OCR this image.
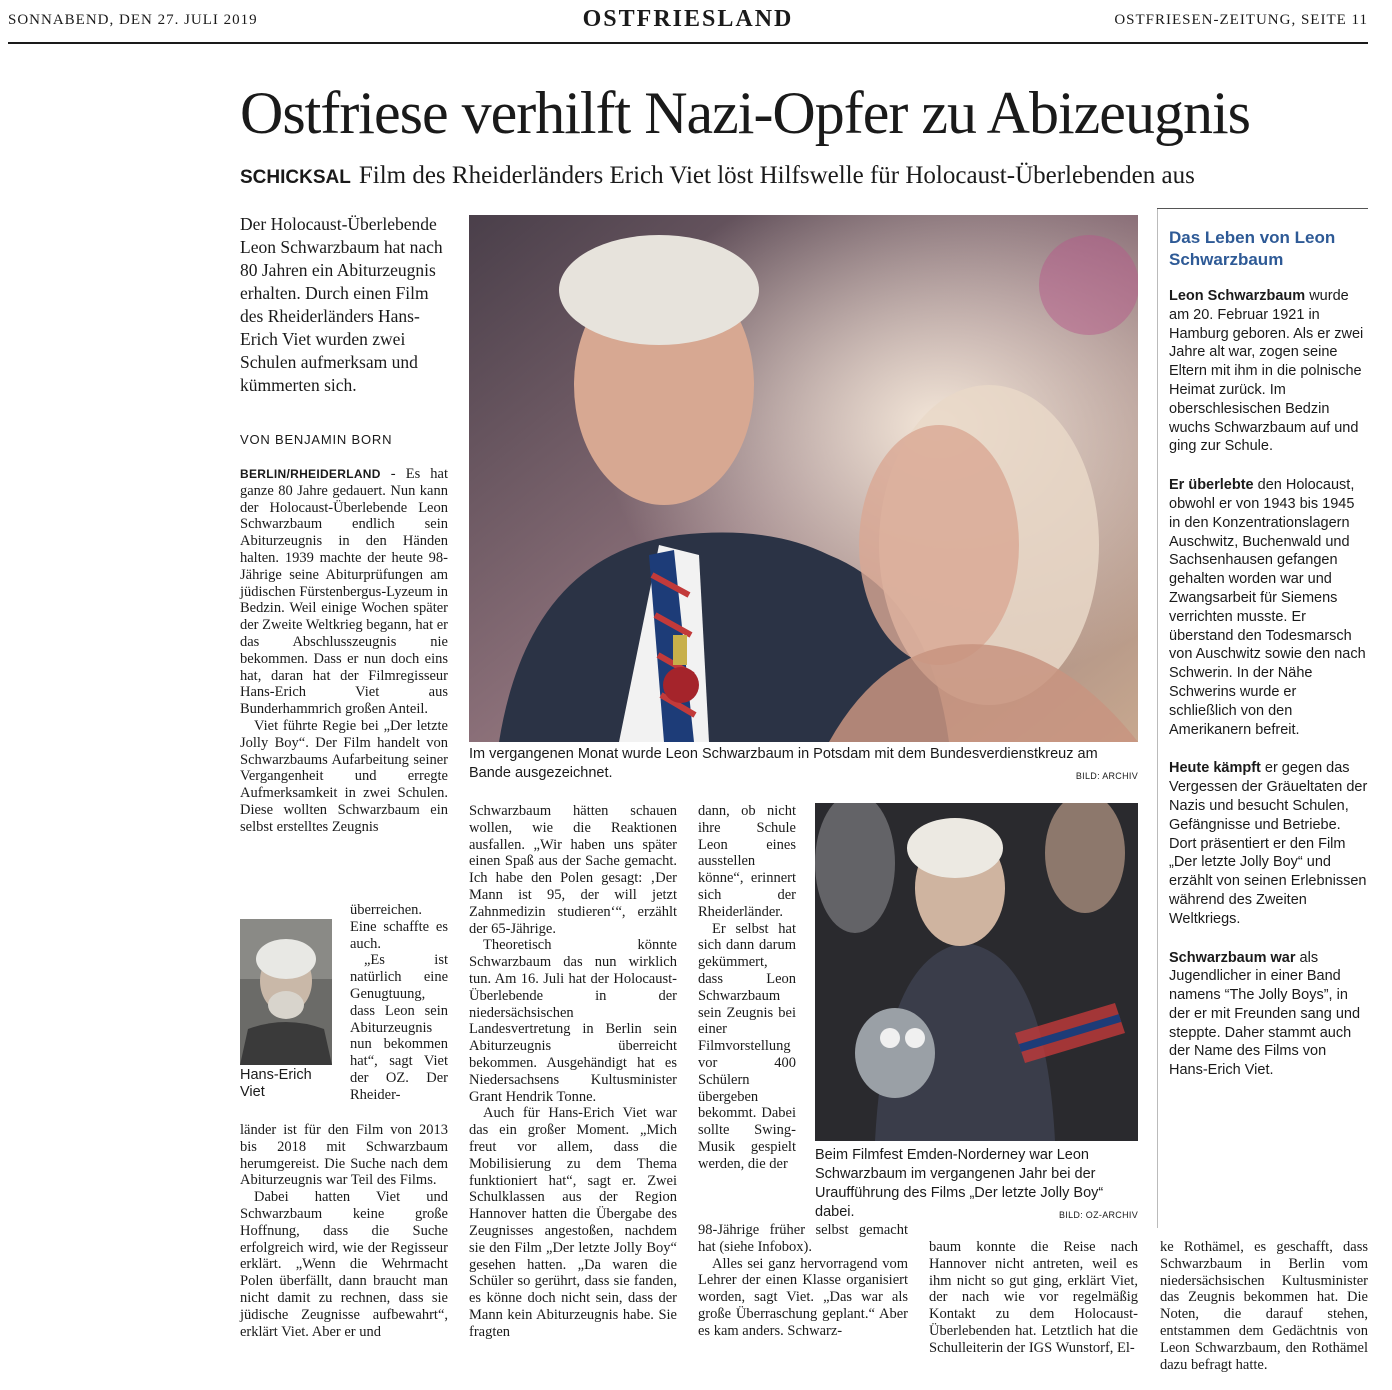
SONNABEND, DEN 27. JULI 2019	OSTFRIESLAND	OSTFRIESEN-ZEITUNG, SEITE 11
Ostfriese verhilft Nazi-Opfer zu Abizeugnis
SCHICKSAL Film des Rheiderländers Erich Viet löst Hilfswelle für Holocaust-Überlebenden aus
Der Holocaust-Überlebende Leon Schwarzbaum hat nach 80 Jahren ein Abiturzeugnis erhalten. Durch einen Film des Rheiderländers Hans-Erich Viet wurden zwei Schulen aufmerksam und kümmerten sich.
VON BENJAMIN BORN

BERLIN/RHEIDERLAND - Es hat ganze 80 Jahre gedauert. Nun kann der Holocaust-Überlebende Leon Schwarzbaum endlich sein Abiturzeugnis in den Händen halten. 1939 machte der heute 98-Jährige seine Abiturprüfungen am jüdischen Fürstenbergus-Lyzeum in Bedzin. Weil einige Wochen später der Zweite Weltkrieg begann, hat er das Abschlusszeugnis nie bekommen. Dass er nun doch eins hat, daran hat der Filmregisseur Hans-Erich Viet aus Bunderhammrich großen Anteil.

Viet führte Regie bei „Der letzte Jolly Boy“. Der Film handelt von Schwarzbaums Aufarbeitung seiner Vergangenheit und erregte Aufmerksamkeit in zwei Schulen. Diese wollten Schwarzbaum ein selbst erstelltes Zeugnis

überreichen. Eine schaffte es auch.

„Es ist natürlich eine Genugtuung, dass Leon sein Abiturzeugnis nun bekommen hat“, sagt Viet der OZ. Der Rheider-

länder ist für den Film von 2013 bis 2018 mit Schwarzbaum herumgereist. Die Suche nach dem Abiturzeugnis war Teil des Films.

Dabei hatten Viet und Schwarzbaum keine große Hoffnung, dass die Suche erfolgreich wird, wie der Regisseur erklärt. „Wenn die Wehrmacht Polen überfällt, dann braucht man nicht damit zu rechnen, dass sie jüdische Zeugnisse aufbewahrt“, erklärt Viet. Aber er und

Hans-Erich Viet
Im vergangenen Monat wurde Leon Schwarzbaum in Potsdam mit dem Bundesverdienstkreuz am Bande ausgezeichnet.	BILD: ARCHIV

Schwarzbaum hätten schauen wollen, wie die Reaktionen ausfallen. „Wir haben uns später einen Spaß aus der Sache gemacht. Ich habe den Polen gesagt: ‚Der Mann ist 95, der will jetzt Zahnmedizin studieren‘“, erzählt der 65-Jährige.

Theoretisch könnte Schwarzbaum das nun wirklich tun. Am 16. Juli hat der Holocaust-Überlebende in der niedersächsischen Landesvertretung in Berlin sein Abiturzeugnis überreicht bekommen. Ausgehändigt hat es Niedersachsens Kultusminister Grant Hendrik Tonne.

Auch für Hans-Erich Viet war das ein großer Moment. „Mich freut vor allem, dass die Mobilisierung zu dem Thema funktioniert hat“, sagt er. Zwei Schulklassen aus der Region Hannover hatten die Übergabe des Zeugnisses angestoßen, nachdem sie den Film „Der letzte Jolly Boy“ gesehen hatten. „Da waren die Schüler so gerührt, dass sie fanden, es könne doch nicht sein, dass der Mann kein Abiturzeugnis habe. Sie fragten

dann, ob nicht ihre Schule Leon eines ausstellen könne“, erinnert sich der Rheiderländer.

Er selbst hat sich dann darum gekümmert, dass Leon Schwarzbaum sein Zeugnis bei einer Filmvorstellung vor 400 Schülern übergeben bekommt. Dabei sollte Swing-Musik gespielt werden, die der

98-Jährige früher selbst gemacht hat (siehe Infobox).

Alles sei ganz hervorragend vom Lehrer der einen Klasse organisiert worden, sagt Viet. „Das war als große Überraschung geplant.“ Aber es kam anders. Schwarz-

Beim Filmfest Emden-Norderney war Leon Schwarzbaum im vergangenen Jahr bei der Uraufführung des Films „Der letzte Jolly Boy“ dabei.	BILD: OZ-ARCHIV

baum konnte die Reise nach Hannover nicht antreten, weil es ihm nicht so gut ging, erklärt Viet, der nach wie vor regelmäßig Kontakt zu dem Holocaust-Überlebenden hat. Letztlich hat die Schulleiterin der IGS Wunstorf, El-

ke Rothämel, es geschafft, dass Schwarzbaum in Berlin vom niedersächsischen Kultusminister das Zeugnis bekommen hat. Die Noten, die darauf stehen, entstammen dem Gedächtnis von Leon Schwarzbaum, den Rothämel dazu befragt hatte.

Das Leben von Leon Schwarzbaum

Leon Schwarzbaum wurde am 20. Februar 1921 in Hamburg geboren. Als er zwei Jahre alt war, zogen seine Eltern mit ihm in die polnische Heimat zurück. Im oberschlesischen Bedzin wuchs Schwarzbaum auf und ging zur Schule.

Er überlebte den Holocaust, obwohl er von 1943 bis 1945 in den Konzentrationslagern Auschwitz, Buchenwald und Sachsenhausen gefangen gehalten worden war und Zwangsarbeit für Siemens verrichten musste. Er überstand den Todesmarsch von Auschwitz sowie den nach Schwerin. In der Nähe Schwerins wurde er schließlich von den Amerikanern befreit.

Heute kämpft er gegen das Vergessen der Gräueltaten der Nazis und besucht Schulen, Gefängnisse und Betriebe. Dort präsentiert er den Film „Der letzte Jolly Boy“ und erzählt von seinen Erlebnissen während des Zweiten Weltkriegs.

Schwarzbaum war als Jugendlicher in einer Band namens “The Jolly Boys”, in der er mit Freunden sang und steppte. Daher stammt auch der Name des Films von Hans-Erich Viet.
